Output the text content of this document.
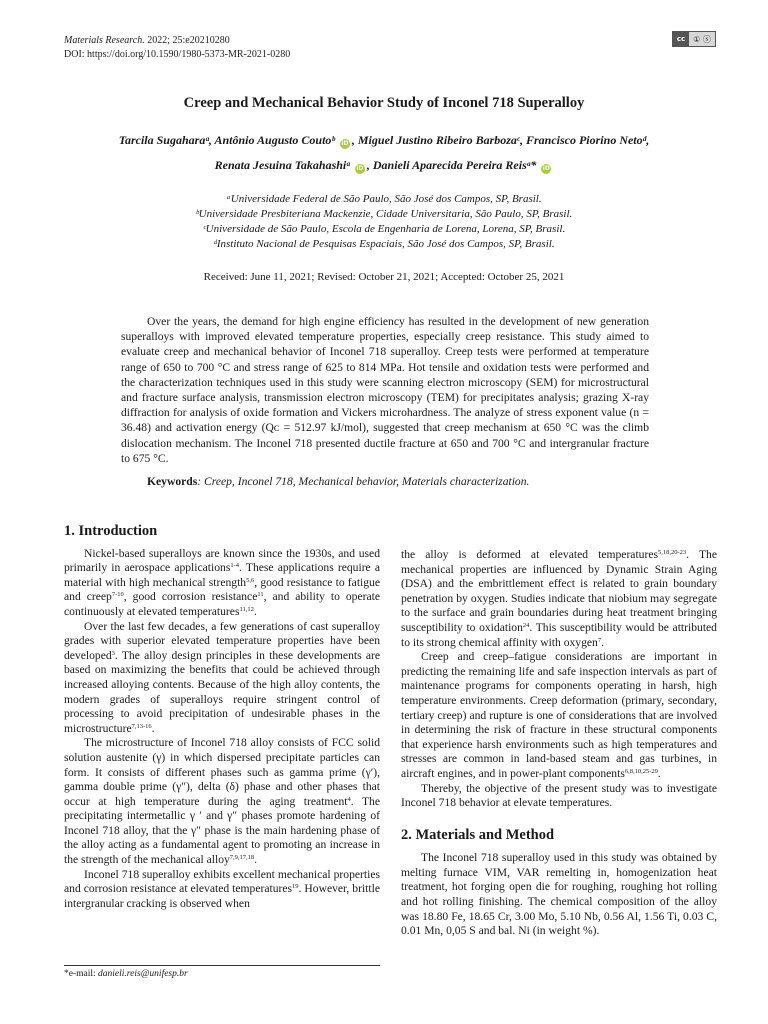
Materials Research. 2022; 25:e20210280
DOI: https://doi.org/10.1590/1980-5373-MR-2021-0280
cc ① ⓢ
Creep and Mechanical Behavior Study of Inconel 718 Superalloy
Tarcila Sugaharaᵃ, Antônio Augusto Coutoᵇ iD , Miguel Justino Ribeiro Barbozaᶜ, Francisco Piorino Netoᵈ,
Renata Jesuina Takahashiᵃ iD , Danieli Aparecida Pereira Reisᵃ* iD
ᵃUniversidade Federal de São Paulo, São José dos Campos, SP, Brasil.
ᵇUniversidade Presbiteriana Mackenzie, Cidade Universitaria, São Paulo, SP, Brasil.
ᶜUniversidade de São Paulo, Escola de Engenharia de Lorena, Lorena, SP, Brasil.
ᵈInstituto Nacional de Pesquisas Espaciais, São José dos Campos, SP, Brasil.
Received: June 11, 2021; Revised: October 21, 2021; Accepted: October 25, 2021
Over the years, the demand for high engine efficiency has resulted in the development of new generation superalloys with improved elevated temperature properties, especially creep resistance. This study aimed to evaluate creep and mechanical behavior of Inconel 718 superalloy. Creep tests were performed at temperature range of 650 to 700 °C and stress range of 625 to 814 MPa. Hot tensile and oxidation tests were performed and the characterization techniques used in this study were scanning electron microscopy (SEM) for microstructural and fracture surface analysis, transmission electron microscopy (TEM) for precipitates analysis; grazing X-ray diffraction for analysis of oxide formation and Vickers microhardness. The analyze of stress exponent value (n = 36.48) and activation energy (Qᴄ = 512.97 kJ/mol), suggested that creep mechanism at 650 °C was the climb dislocation mechanism. The Inconel 718 presented ductile fracture at 650 and 700 °C and intergranular fracture to 675 °C.
Keywords: Creep, Inconel 718, Mechanical behavior, Materials characterization.
1. Introduction

Nickel-based superalloys are known since the 1930s, and used primarily in aerospace applications$^{1-4}$. These applications require a material with high mechanical strength$^{5,6}$, good resistance to fatigue and creep$^{7-10}$, good corrosion resistance$^{11}$, and ability to operate continuously at elevated temperatures$^{11,12}$.

Over the last few decades, a few generations of cast superalloy grades with superior elevated temperature properties have been developed$^3$. The alloy design principles in these developments are based on maximizing the benefits that could be achieved through increased alloying contents. Because of the high alloy contents, the modern grades of superalloys require stringent control of processing to avoid precipitation of undesirable phases in the microstructure$^{7,13-16}$.

The microstructure of Inconel 718 alloy consists of FCC solid solution austenite (γ) in which dispersed precipitate particles can form. It consists of different phases such as gamma prime (γ′), gamma double prime (γ″), delta (δ) phase and other phases that occur at high temperature during the aging treatment$^4$. The precipitating intermetallic γ ′ and γ″ phases promote hardening of Inconel 718 alloy, that the γ″ phase is the main hardening phase of the alloy acting as a fundamental agent to promoting an increase in the strength of the mechanical alloy$^{7,9,17,18}$.

Inconel 718 superalloy exhibits excellent mechanical properties and corrosion resistance at elevated temperatures$^{19}$. However, brittle intergranular cracking is observed when

the alloy is deformed at elevated temperatures$^{5,18,20-23}$. The mechanical properties are influenced by Dynamic Strain Aging (DSA) and the embrittlement effect is related to grain boundary penetration by oxygen. Studies indicate that niobium may segregate to the surface and grain boundaries during heat treatment bringing susceptibility to oxidation$^{24}$. This susceptibility would be attributed to its strong chemical affinity with oxygen$^7$.

Creep and creep–fatigue considerations are important in predicting the remaining life and safe inspection intervals as part of maintenance programs for components operating in harsh, high temperature environments. Creep deformation (primary, secondary, tertiary creep) and rupture is one of considerations that are involved in determining the risk of fracture in these structural components that experience harsh environments such as high temperatures and stresses are common in land-based steam and gas turbines, in aircraft engines, and in power-plant components$^{6,8,10,25-29}$.

Thereby, the objective of the present study was to investigate Inconel 718 behavior at elevate temperatures.

2. Materials and Method

The Inconel 718 superalloy used in this study was obtained by melting furnace VIM, VAR remelting in, homogenization heat treatment, hot forging open die for roughing, roughing hot rolling and hot rolling finishing. The chemical composition of the alloy was 18.80 Fe, 18.65 Cr, 3.00 Mo, 5.10 Nb, 0.56 Al, 1.56 Ti, 0.03 C, 0.01 Mn, 0,05 S and bal. Ni (in weight %).

*e-mail: danieli.reis@unifesp.br
